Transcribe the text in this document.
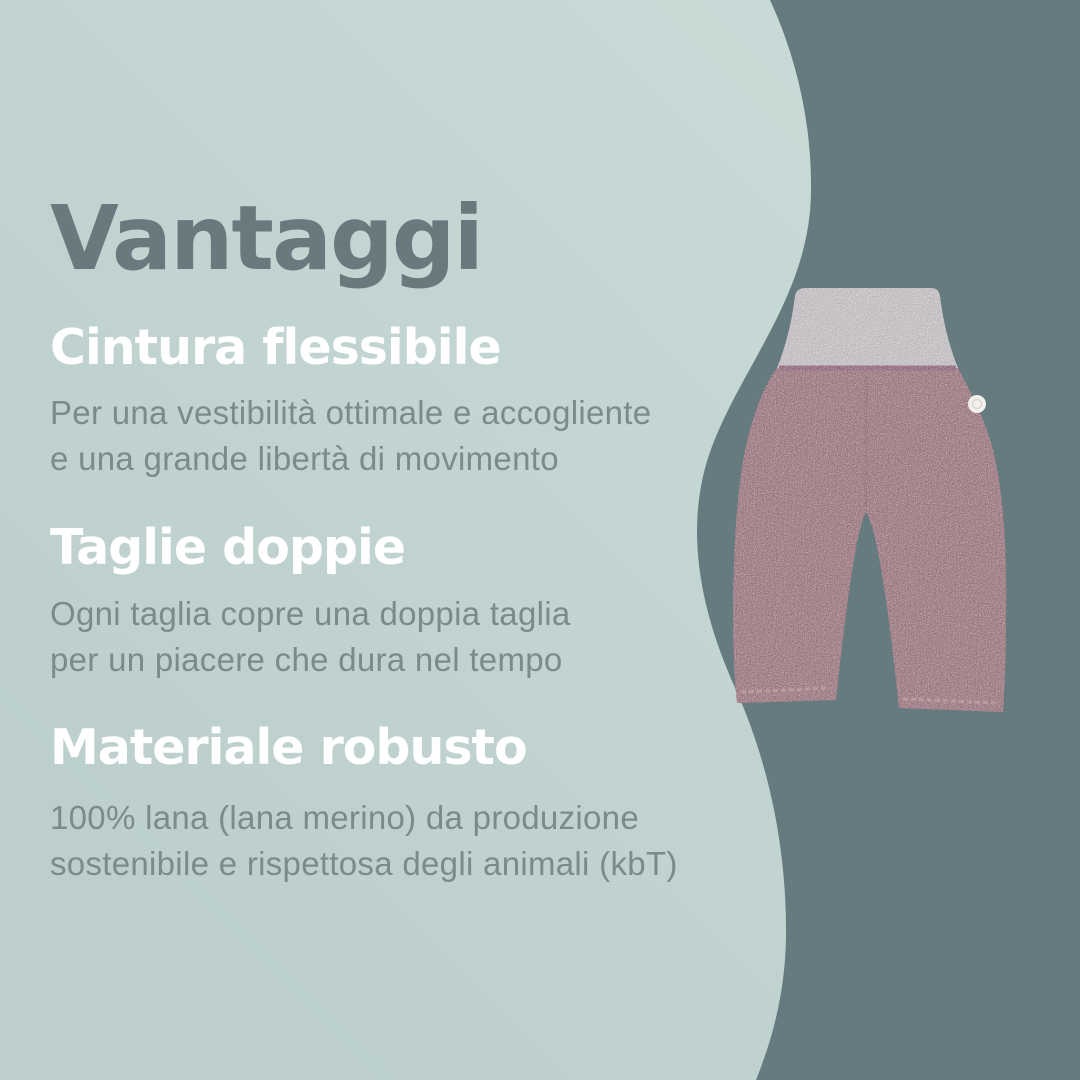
Vantaggi
Cintura flessibile

Per una vestibilità ottimale e accogliente
e una grande libertà di movimento

Taglie doppie

Ogni taglia copre una doppia taglia
per un piacere che dura nel tempo

Materiale robusto

100% lana (lana merino) da produzione
sostenibile e rispettosa degli animali (kbT)
